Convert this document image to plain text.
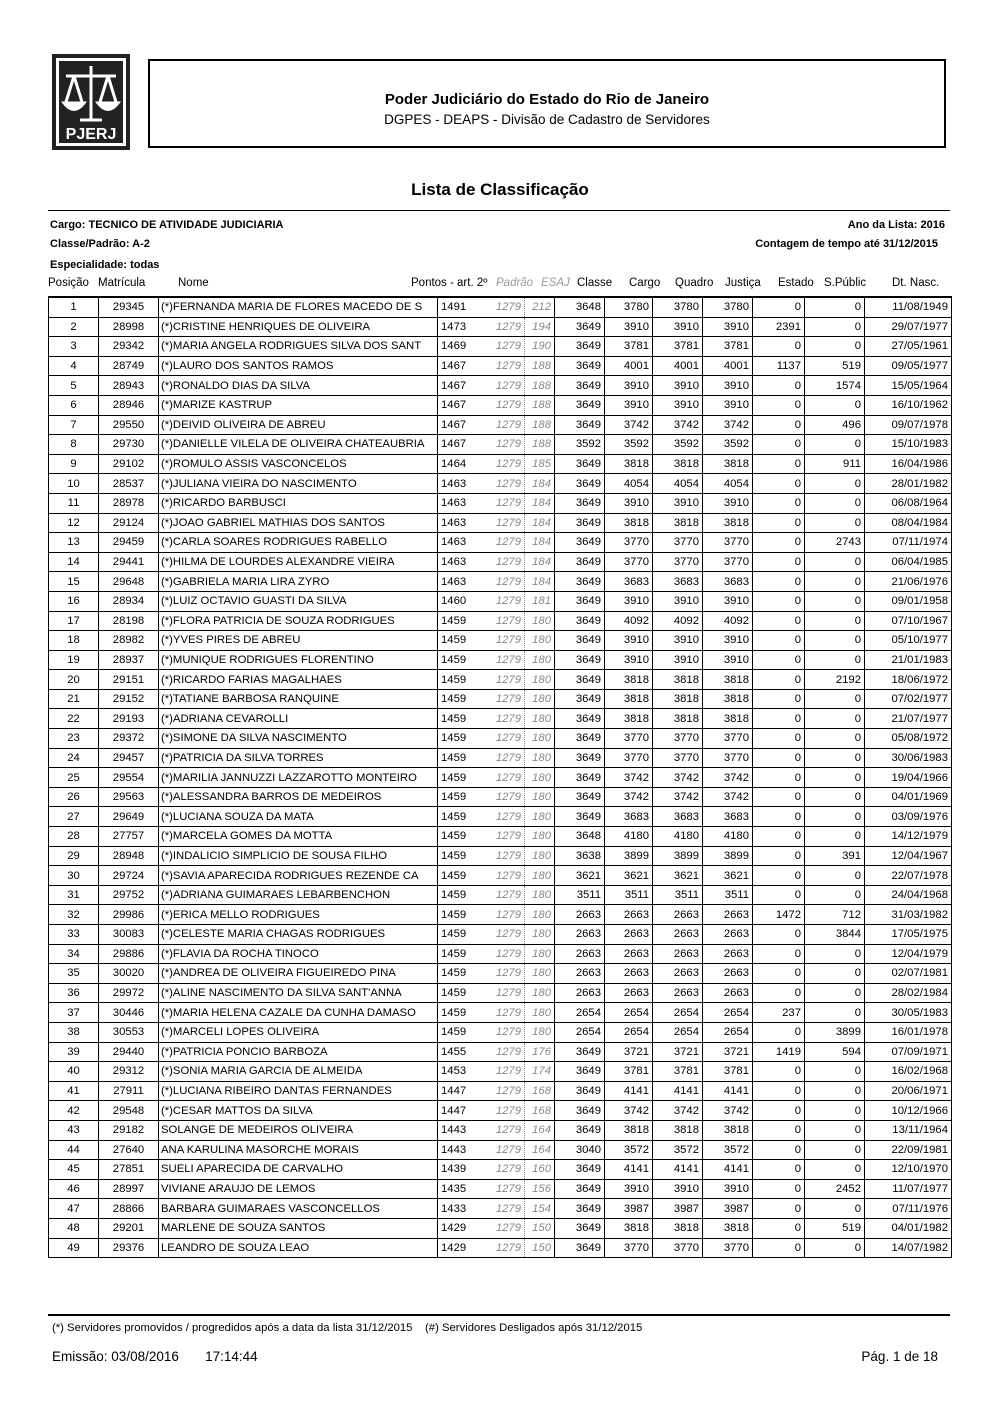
PJERJ
Poder Judiciário do Estado do Rio de Janeiro
DGPES - DEAPS - Divisão de Cadastro de Servidores
Lista de Classificação
Cargo: TECNICO DE ATIVIDADE JUDICIARIA	Ano da Lista: 2016
Classe/Padrão: A-2	Contagem de tempo até 31/12/2015
Especialidade: todas
Posição Matrícula	Nome	Pontos - art. 2º Padrão ESAJ Classe Cargo Quadro Justiça Estado S.Públic Dt. Nasc.
1	29345	(*)FERNANDA MARIA DE FLORES MACEDO DE S	1491	1279	212	3648	3780	3780	3780	0	0	11/08/1949
2	28998	(*)CRISTINE HENRIQUES DE OLIVEIRA	1473	1279	194	3649	3910	3910	3910	2391	0	29/07/1977
3	29342	(*)MARIA ANGELA RODRIGUES SILVA DOS SANT	1469	1279	190	3649	3781	3781	3781	0	0	27/05/1961
4	28749	(*)LAURO DOS SANTOS RAMOS	1467	1279	188	3649	4001	4001	4001	1137	519	09/05/1977
5	28943	(*)RONALDO DIAS DA SILVA	1467	1279	188	3649	3910	3910	3910	0	1574	15/05/1964
6	28946	(*)MARIZE KASTRUP	1467	1279	188	3649	3910	3910	3910	0	0	16/10/1962
7	29550	(*)DEIVID OLIVEIRA DE ABREU	1467	1279	188	3649	3742	3742	3742	0	496	09/07/1978
8	29730	(*)DANIELLE VILELA DE OLIVEIRA CHATEAUBRIA	1467	1279	188	3592	3592	3592	3592	0	0	15/10/1983
9	29102	(*)ROMULO ASSIS VASCONCELOS	1464	1279	185	3649	3818	3818	3818	0	911	16/04/1986
10	28537	(*)JULIANA VIEIRA DO NASCIMENTO	1463	1279	184	3649	4054	4054	4054	0	0	28/01/1982
11	28978	(*)RICARDO BARBUSCI	1463	1279	184	3649	3910	3910	3910	0	0	06/08/1964
12	29124	(*)JOAO GABRIEL MATHIAS DOS SANTOS	1463	1279	184	3649	3818	3818	3818	0	0	08/04/1984
13	29459	(*)CARLA SOARES RODRIGUES RABELLO	1463	1279	184	3649	3770	3770	3770	0	2743	07/11/1974
14	29441	(*)HILMA DE LOURDES ALEXANDRE VIEIRA	1463	1279	184	3649	3770	3770	3770	0	0	06/04/1985
15	29648	(*)GABRIELA MARIA LIRA ZYRO	1463	1279	184	3649	3683	3683	3683	0	0	21/06/1976
16	28934	(*)LUIZ OCTAVIO GUASTI DA SILVA	1460	1279	181	3649	3910	3910	3910	0	0	09/01/1958
17	28198	(*)FLORA PATRICIA DE SOUZA RODRIGUES	1459	1279	180	3649	4092	4092	4092	0	0	07/10/1967
18	28982	(*)YVES PIRES DE ABREU	1459	1279	180	3649	3910	3910	3910	0	0	05/10/1977
19	28937	(*)MUNIQUE RODRIGUES FLORENTINO	1459	1279	180	3649	3910	3910	3910	0	0	21/01/1983
20	29151	(*)RICARDO FARIAS MAGALHAES	1459	1279	180	3649	3818	3818	3818	0	2192	18/06/1972
21	29152	(*)TATIANE BARBOSA RANQUINE	1459	1279	180	3649	3818	3818	3818	0	0	07/02/1977
22	29193	(*)ADRIANA CEVAROLLI	1459	1279	180	3649	3818	3818	3818	0	0	21/07/1977
23	29372	(*)SIMONE DA SILVA NASCIMENTO	1459	1279	180	3649	3770	3770	3770	0	0	05/08/1972
24	29457	(*)PATRICIA DA SILVA TORRES	1459	1279	180	3649	3770	3770	3770	0	0	30/06/1983
25	29554	(*)MARILIA JANNUZZI LAZZAROTTO MONTEIRO	1459	1279	180	3649	3742	3742	3742	0	0	19/04/1966
26	29563	(*)ALESSANDRA BARROS DE MEDEIROS	1459	1279	180	3649	3742	3742	3742	0	0	04/01/1969
27	29649	(*)LUCIANA SOUZA DA MATA	1459	1279	180	3649	3683	3683	3683	0	0	03/09/1976
28	27757	(*)MARCELA GOMES DA MOTTA	1459	1279	180	3648	4180	4180	4180	0	0	14/12/1979
29	28948	(*)INDALICIO SIMPLICIO DE SOUSA FILHO	1459	1279	180	3638	3899	3899	3899	0	391	12/04/1967
30	29724	(*)SAVIA APARECIDA RODRIGUES REZENDE CA	1459	1279	180	3621	3621	3621	3621	0	0	22/07/1978
31	29752	(*)ADRIANA GUIMARAES LEBARBENCHON	1459	1279	180	3511	3511	3511	3511	0	0	24/04/1968
32	29986	(*)ERICA MELLO RODRIGUES	1459	1279	180	2663	2663	2663	2663	1472	712	31/03/1982
33	30083	(*)CELESTE MARIA CHAGAS RODRIGUES	1459	1279	180	2663	2663	2663	2663	0	3844	17/05/1975
34	29886	(*)FLAVIA DA ROCHA TINOCO	1459	1279	180	2663	2663	2663	2663	0	0	12/04/1979
35	30020	(*)ANDREA DE OLIVEIRA FIGUEIREDO PINA	1459	1279	180	2663	2663	2663	2663	0	0	02/07/1981
36	29972	(*)ALINE NASCIMENTO DA SILVA SANT'ANNA	1459	1279	180	2663	2663	2663	2663	0	0	28/02/1984
37	30446	(*)MARIA HELENA CAZALE DA CUNHA DAMASO	1459	1279	180	2654	2654	2654	2654	237	0	30/05/1983
38	30553	(*)MARCELI LOPES OLIVEIRA	1459	1279	180	2654	2654	2654	2654	0	3899	16/01/1978
39	29440	(*)PATRICIA PONCIO BARBOZA	1455	1279	176	3649	3721	3721	3721	1419	594	07/09/1971
40	29312	(*)SONIA MARIA GARCIA DE ALMEIDA	1453	1279	174	3649	3781	3781	3781	0	0	16/02/1968
41	27911	(*)LUCIANA RIBEIRO DANTAS FERNANDES	1447	1279	168	3649	4141	4141	4141	0	0	20/06/1971
42	29548	(*)CESAR MATTOS DA SILVA	1447	1279	168	3649	3742	3742	3742	0	0	10/12/1966
43	29182	SOLANGE DE MEDEIROS OLIVEIRA	1443	1279	164	3649	3818	3818	3818	0	0	13/11/1964
44	27640	ANA KARULINA MASORCHE MORAIS	1443	1279	164	3040	3572	3572	3572	0	0	22/09/1981
45	27851	SUELI APARECIDA DE CARVALHO	1439	1279	160	3649	4141	4141	4141	0	0	12/10/1970
46	28997	VIVIANE ARAUJO DE LEMOS	1435	1279	156	3649	3910	3910	3910	0	2452	11/07/1977
47	28866	BARBARA GUIMARAES VASCONCELLOS	1433	1279	154	3649	3987	3987	3987	0	0	07/11/1976
48	29201	MARLENE DE SOUZA SANTOS	1429	1279	150	3649	3818	3818	3818	0	519	04/01/1982
49	29376	LEANDRO DE SOUZA LEAO	1429	1279	150	3649	3770	3770	3770	0	0	14/07/1982
(*) Servidores promovidos / progredidos após a data da lista 31/12/2015 (#) Servidores Desligados após 31/12/2015
Emissão: 03/08/2016 17:14:44	Pág. 1 de 18
